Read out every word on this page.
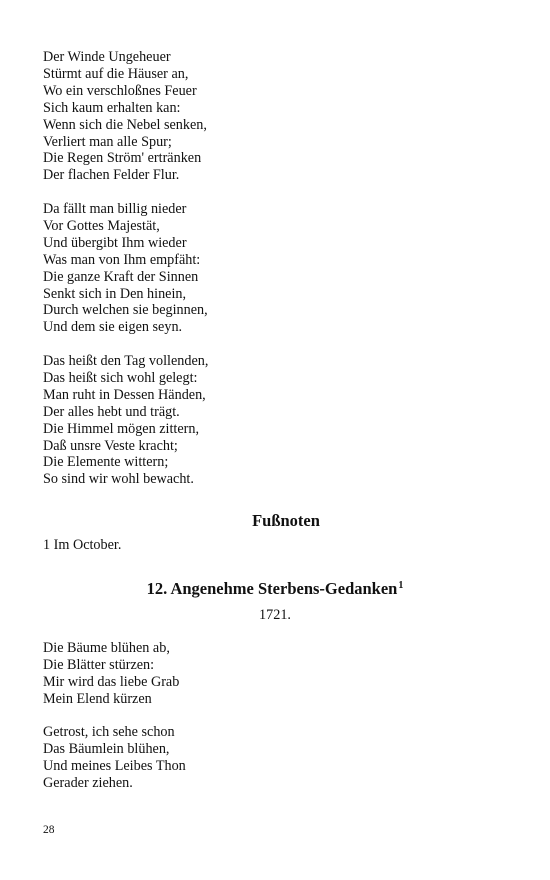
Der Winde Ungeheuer
Stürmt auf die Häuser an,
Wo ein verschloßnes Feuer
Sich kaum erhalten kan:
Wenn sich die Nebel senken,
Verliert man alle Spur;
Die Regen Ström' ertränken
Der flachen Felder Flur.
Da fällt man billig nieder
Vor Gottes Majestät,
Und übergibt Ihm wieder
Was man von Ihm empfäht:
Die ganze Kraft der Sinnen
Senkt sich in Den hinein,
Durch welchen sie beginnen,
Und dem sie eigen seyn.
Das heißt den Tag vollenden,
Das heißt sich wohl gelegt:
Man ruht in Dessen Händen,
Der alles hebt und trägt.
Die Himmel mögen zittern,
Daß unsre Veste kracht;
Die Elemente wittern;
So sind wir wohl bewacht.
Fußnoten
1 Im October.
12. Angenehme Sterbens-Gedanken$^1$
1721.
Die Bäume blühen ab,
Die Blätter stürzen:
Mir wird das liebe Grab
Mein Elend kürzen
Getrost, ich sehe schon
Das Bäumlein blühen,
Und meines Leibes Thon
Gerader ziehen.
28
